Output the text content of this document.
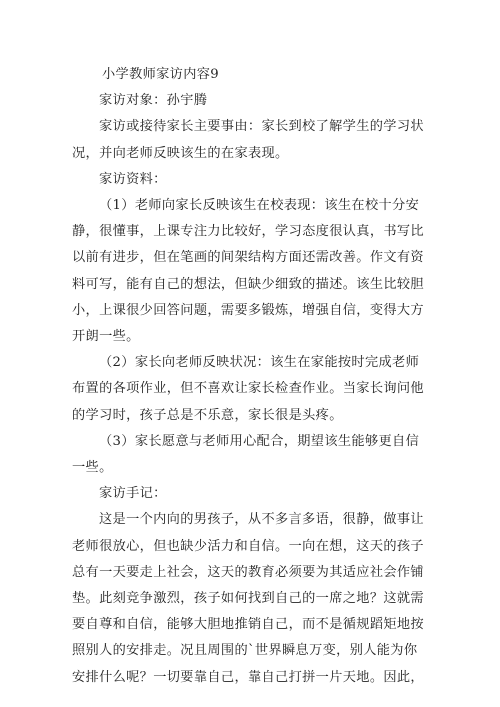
小学教师家访内容9

家访对象：孙宇腾

家访或接待家长主要事由：家长到校了解学生的学习状

况，并向老师反映该生的在家表现。

家访资料：

（1）老师向家长反映该生在校表现：该生在校十分安

静，很懂事，上课专注力比较好，学习态度很认真，书写比

以前有进步，但在笔画的间架结构方面还需改善。作文有资

料可写，能有自己的想法，但缺少细致的描述。该生比较胆

小，上课很少回答问题，需要多锻炼，增强自信，变得大方

开朗一些。

（2）家长向老师反映状况：该生在家能按时完成老师

布置的各项作业，但不喜欢让家长检查作业。当家长询问他

的学习时，孩子总是不乐意，家长很是头疼。

（3）家长愿意与老师用心配合，期望该生能够更自信

一些。

家访手记：

这是一个内向的男孩子，从不多言多语，很静，做事让

老师很放心，但也缺少活力和自信。一向在想，这天的孩子

总有一天要走上社会，这天的教育必须要为其适应社会作铺

垫。此刻竞争激烈，孩子如何找到自己的一席之地？这就需

要自尊和自信，能够大胆地推销自己，而不是循规蹈矩地按

照别人的安排走。况且周围的`世界瞬息万变，别人能为你

安排什么呢？一切要靠自己，靠自己打拼一片天地。因此，
